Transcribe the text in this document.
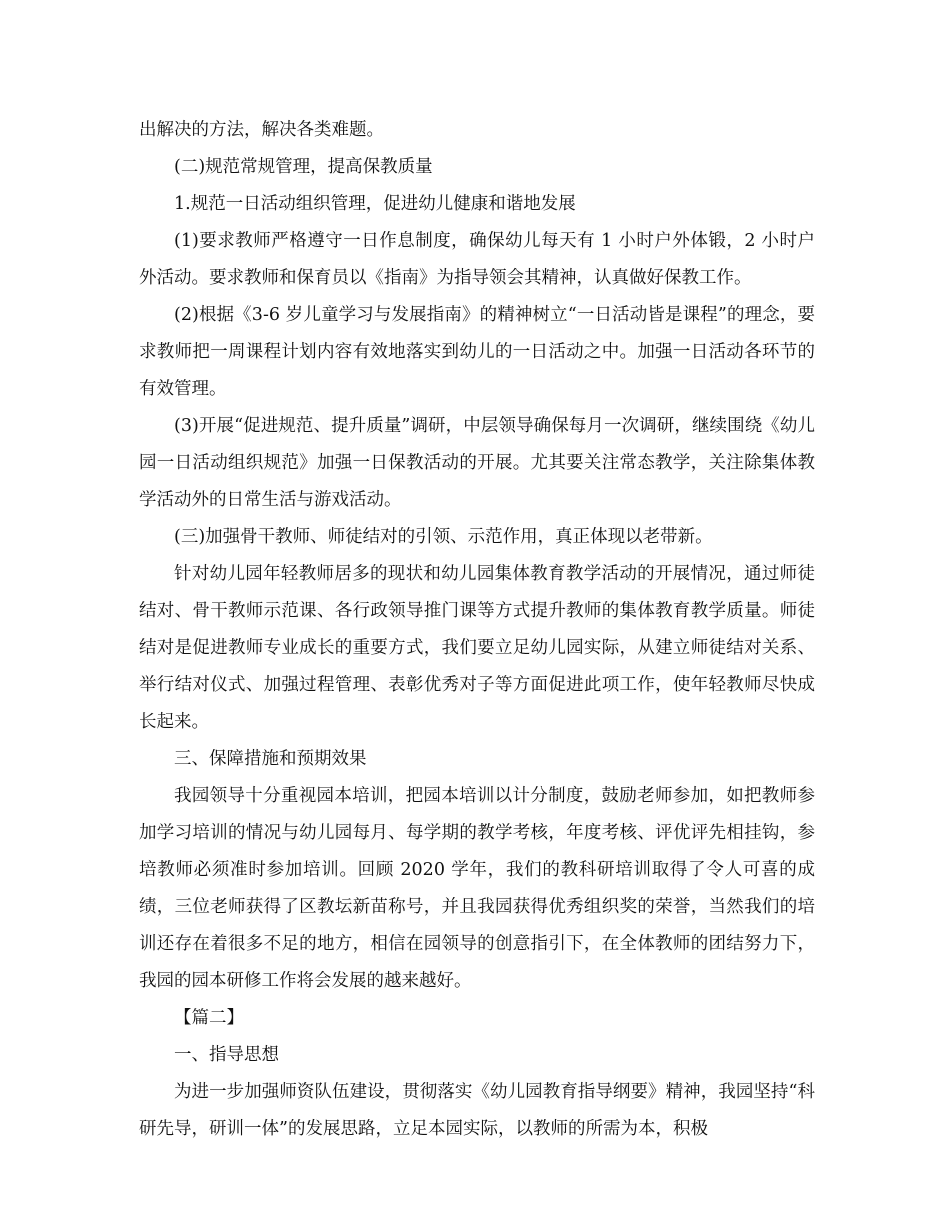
出解决的方法，解决各类难题。

(二)规范常规管理，提高保教质量

1.规范一日活动组织管理，促进幼儿健康和谐地发展

(1)要求教师严格遵守一日作息制度，确保幼儿每天有 1 小时户外体锻，2 小时户外活动。要求教师和保育员以《指南》为指导领会其精神，认真做好保教工作。

(2)根据《3-6 岁儿童学习与发展指南》的精神树立“一日活动皆是课程”的理念，要求教师把一周课程计划内容有效地落实到幼儿的一日活动之中。加强一日活动各环节的有效管理。

(3)开展“促进规范、提升质量”调研，中层领导确保每月一次调研，继续围绕《幼儿园一日活动组织规范》加强一日保教活动的开展。尤其要关注常态教学，关注除集体教学活动外的日常生活与游戏活动。

(三)加强骨干教师、师徒结对的引领、示范作用，真正体现以老带新。

针对幼儿园年轻教师居多的现状和幼儿园集体教育教学活动的开展情况，通过师徒结对、骨干教师示范课、各行政领导推门课等方式提升教师的集体教育教学质量。师徒结对是促进教师专业成长的重要方式，我们要立足幼儿园实际，从建立师徒结对关系、举行结对仪式、加强过程管理、表彰优秀对子等方面促进此项工作，使年轻教师尽快成长起来。

三、保障措施和预期效果

我园领导十分重视园本培训，把园本培训以计分制度，鼓励老师参加，如把教师参加学习培训的情况与幼儿园每月、每学期的教学考核，年度考核、评优评先相挂钩，参培教师必须准时参加培训。回顾 2020 学年，我们的教科研培训取得了令人可喜的成绩，三位老师获得了区教坛新苗称号，并且我园获得优秀组织奖的荣誉，当然我们的培训还存在着很多不足的地方，相信在园领导的创意指引下，在全体教师的团结努力下，我园的园本研修工作将会发展的越来越好。

【篇二】

一、指导思想

为进一步加强师资队伍建设，贯彻落实《幼儿园教育指导纲要》精神，我园坚持“科研先导，研训一体”的发展思路，立足本园实际，以教师的所需为本，积极
